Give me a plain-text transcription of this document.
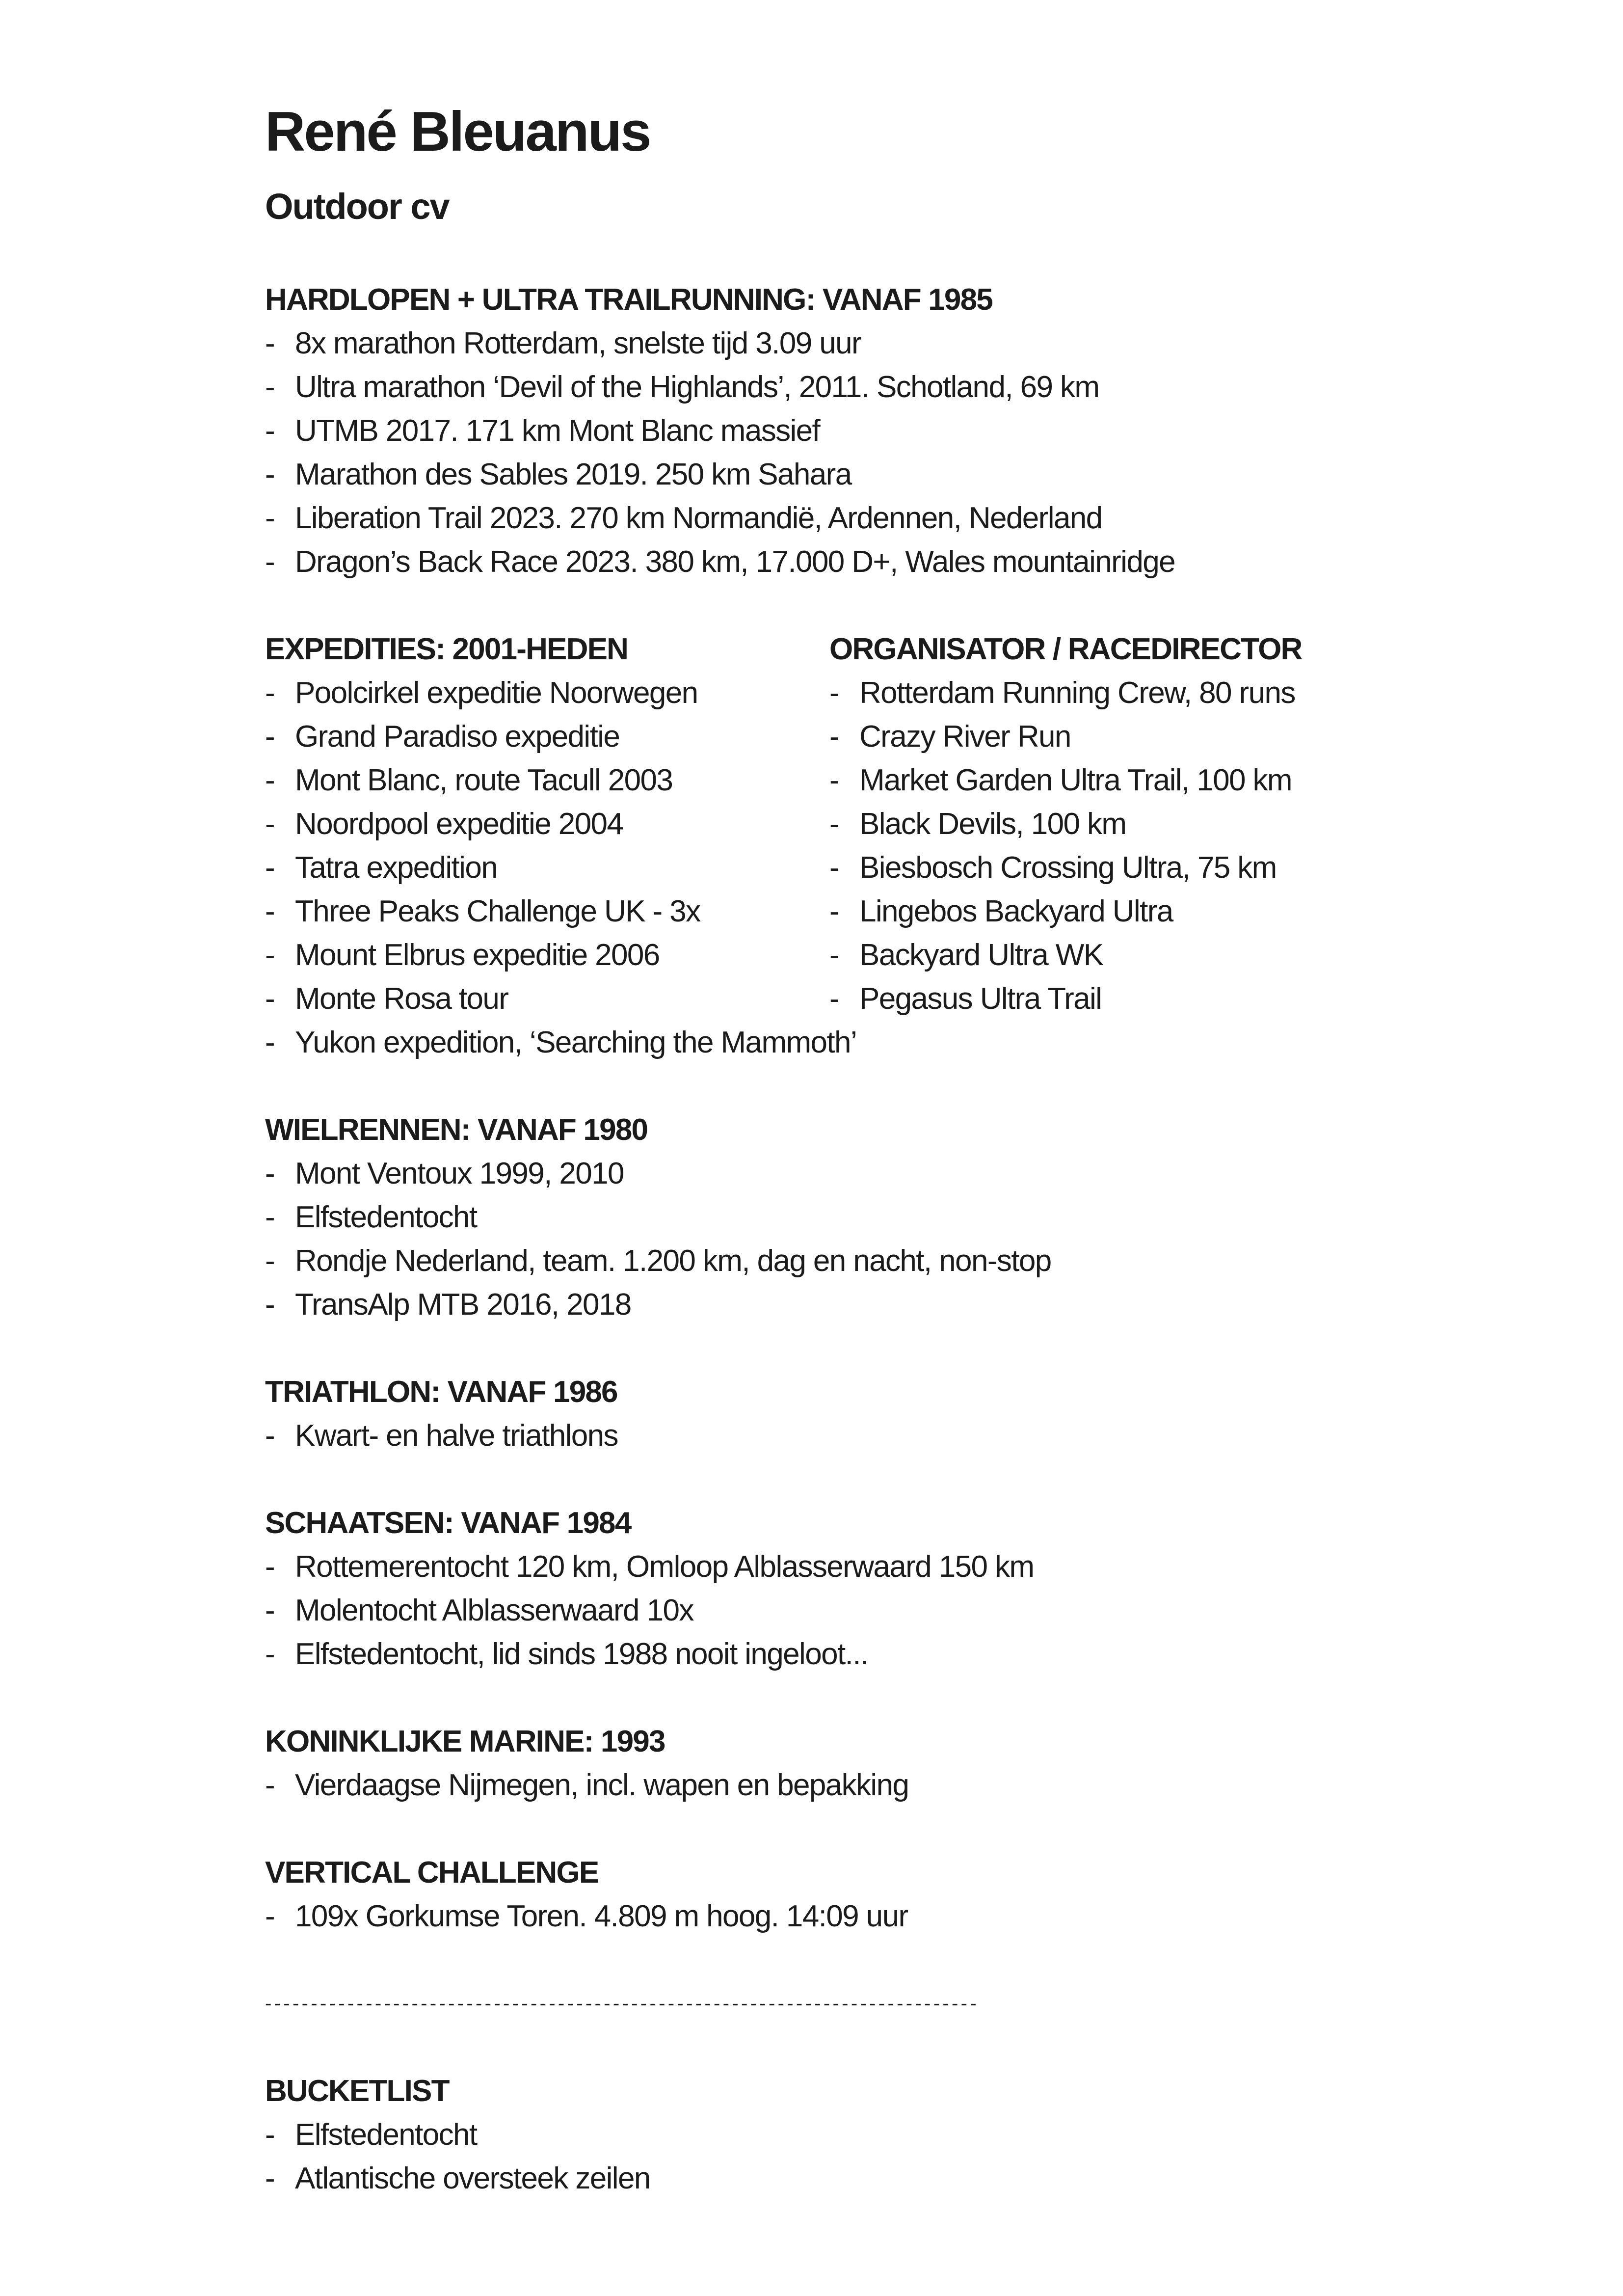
René Bleuanus
Outdoor cv
HARDLOPEN + ULTRA TRAILRUNNING: VANAF 1985
- 8x marathon Rotterdam, snelste tijd 3.09 uur
- Ultra marathon ‘Devil of the Highlands’, 2011. Schotland, 69 km
- UTMB 2017. 171 km Mont Blanc massief
- Marathon des Sables 2019. 250 km Sahara
- Liberation Trail 2023. 270 km Normandië, Ardennen, Nederland
- Dragon’s Back Race 2023. 380 km, 17.000 D+, Wales mountainridge
EXPEDITIES: 2001-HEDEN
- Poolcirkel expeditie Noorwegen
- Grand Paradiso expeditie
- Mont Blanc, route Tacull 2003
- Noordpool expeditie 2004
- Tatra expedition
- Three Peaks Challenge UK - 3x
- Mount Elbrus expeditie 2006
- Monte Rosa tour
- Yukon expedition, ‘Searching the Mammoth’
ORGANISATOR / RACEDIRECTOR
- Rotterdam Running Crew, 80 runs
- Crazy River Run
- Market Garden Ultra Trail, 100 km
- Black Devils, 100 km
- Biesbosch Crossing Ultra, 75 km
- Lingebos Backyard Ultra
- Backyard Ultra WK
- Pegasus Ultra Trail
WIELRENNEN: VANAF 1980
- Mont Ventoux 1999, 2010
- Elfstedentocht
- Rondje Nederland, team. 1.200 km, dag en nacht, non-stop
- TransAlp MTB 2016, 2018
TRIATHLON: VANAF 1986
- Kwart- en halve triathlons
SCHAATSEN: VANAF 1984
- Rottemerentocht 120 km, Omloop Alblasserwaard 150 km
- Molentocht Alblasserwaard 10x
- Elfstedentocht, lid sinds 1988 nooit ingeloot...
KONINKLIJKE MARINE: 1993
- Vierdaagse Nijmegen, incl. wapen en bepakking
VERTICAL CHALLENGE
- 109x Gorkumse Toren. 4.809 m hoog. 14:09 uur
------------------------------------------------------------------------------
BUCKETLIST
- Elfstedentocht
- Atlantische oversteek zeilen
